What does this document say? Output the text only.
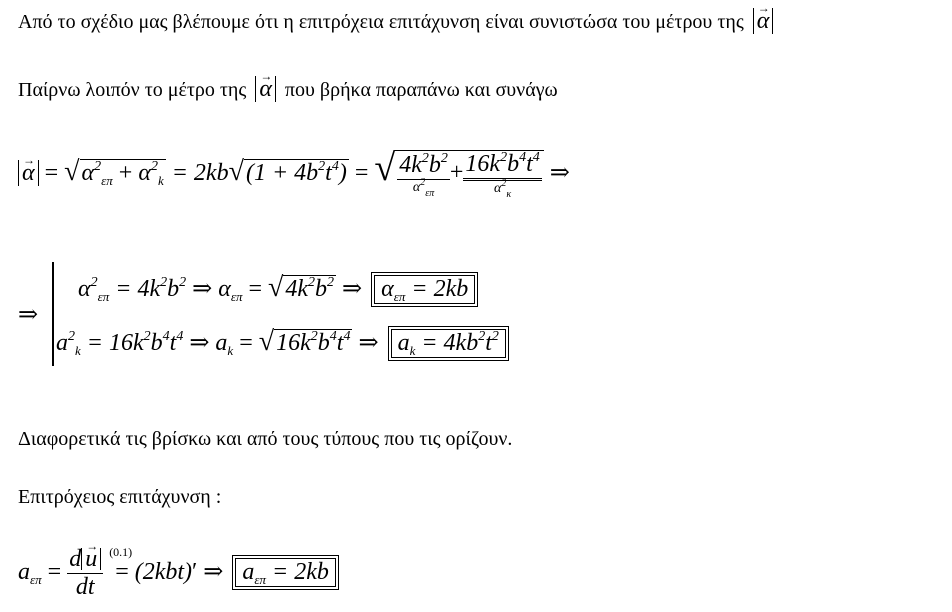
Από το σχέδιο μας βλέπουμε ότι η επιτρόχεια επιτάχυνση είναι συνιστώσα του μέτρου της → α
Παίρνω λοιπόν το μέτρο της → α που βρήκα παραπάνω και συνάγω
→ $\alpha = √\alpha^2_{\varepsilon\pi} + \alpha^2_k = 2kb√(1 + 4b^2t^4)$ = √ $\frac{4k^2b^2}{\alpha^2_{\varepsilon\pi}} + \frac{16k^2b^4t^4}{\alpha^2_\kappa}$ ⇒
⇒
$\alpha^2_{\varepsilon\pi} = 4k^2b^2$ ⇒ $\alpha_{\varepsilon\pi} = √4k^2b^2$ ⇒ $\alpha_{\varepsilon\pi} = 2kb$
$a^2_k = 16k^2b^4t^4$ ⇒ $a_k = √16k^2b^4t^4$ ⇒ $a_k = 4kb^2t^2$
Διαφορετικά τις βρίσκω και από τους τύπους που τις ορίζουν.
Επιτρόχειος επιτάχυνση :
$a_{\varepsilon\pi} = \frac{d \to u}{dt}$
(0.1)
= (2kbt)′ ⇒ $a_{\varepsilon\pi} = 2kb$
